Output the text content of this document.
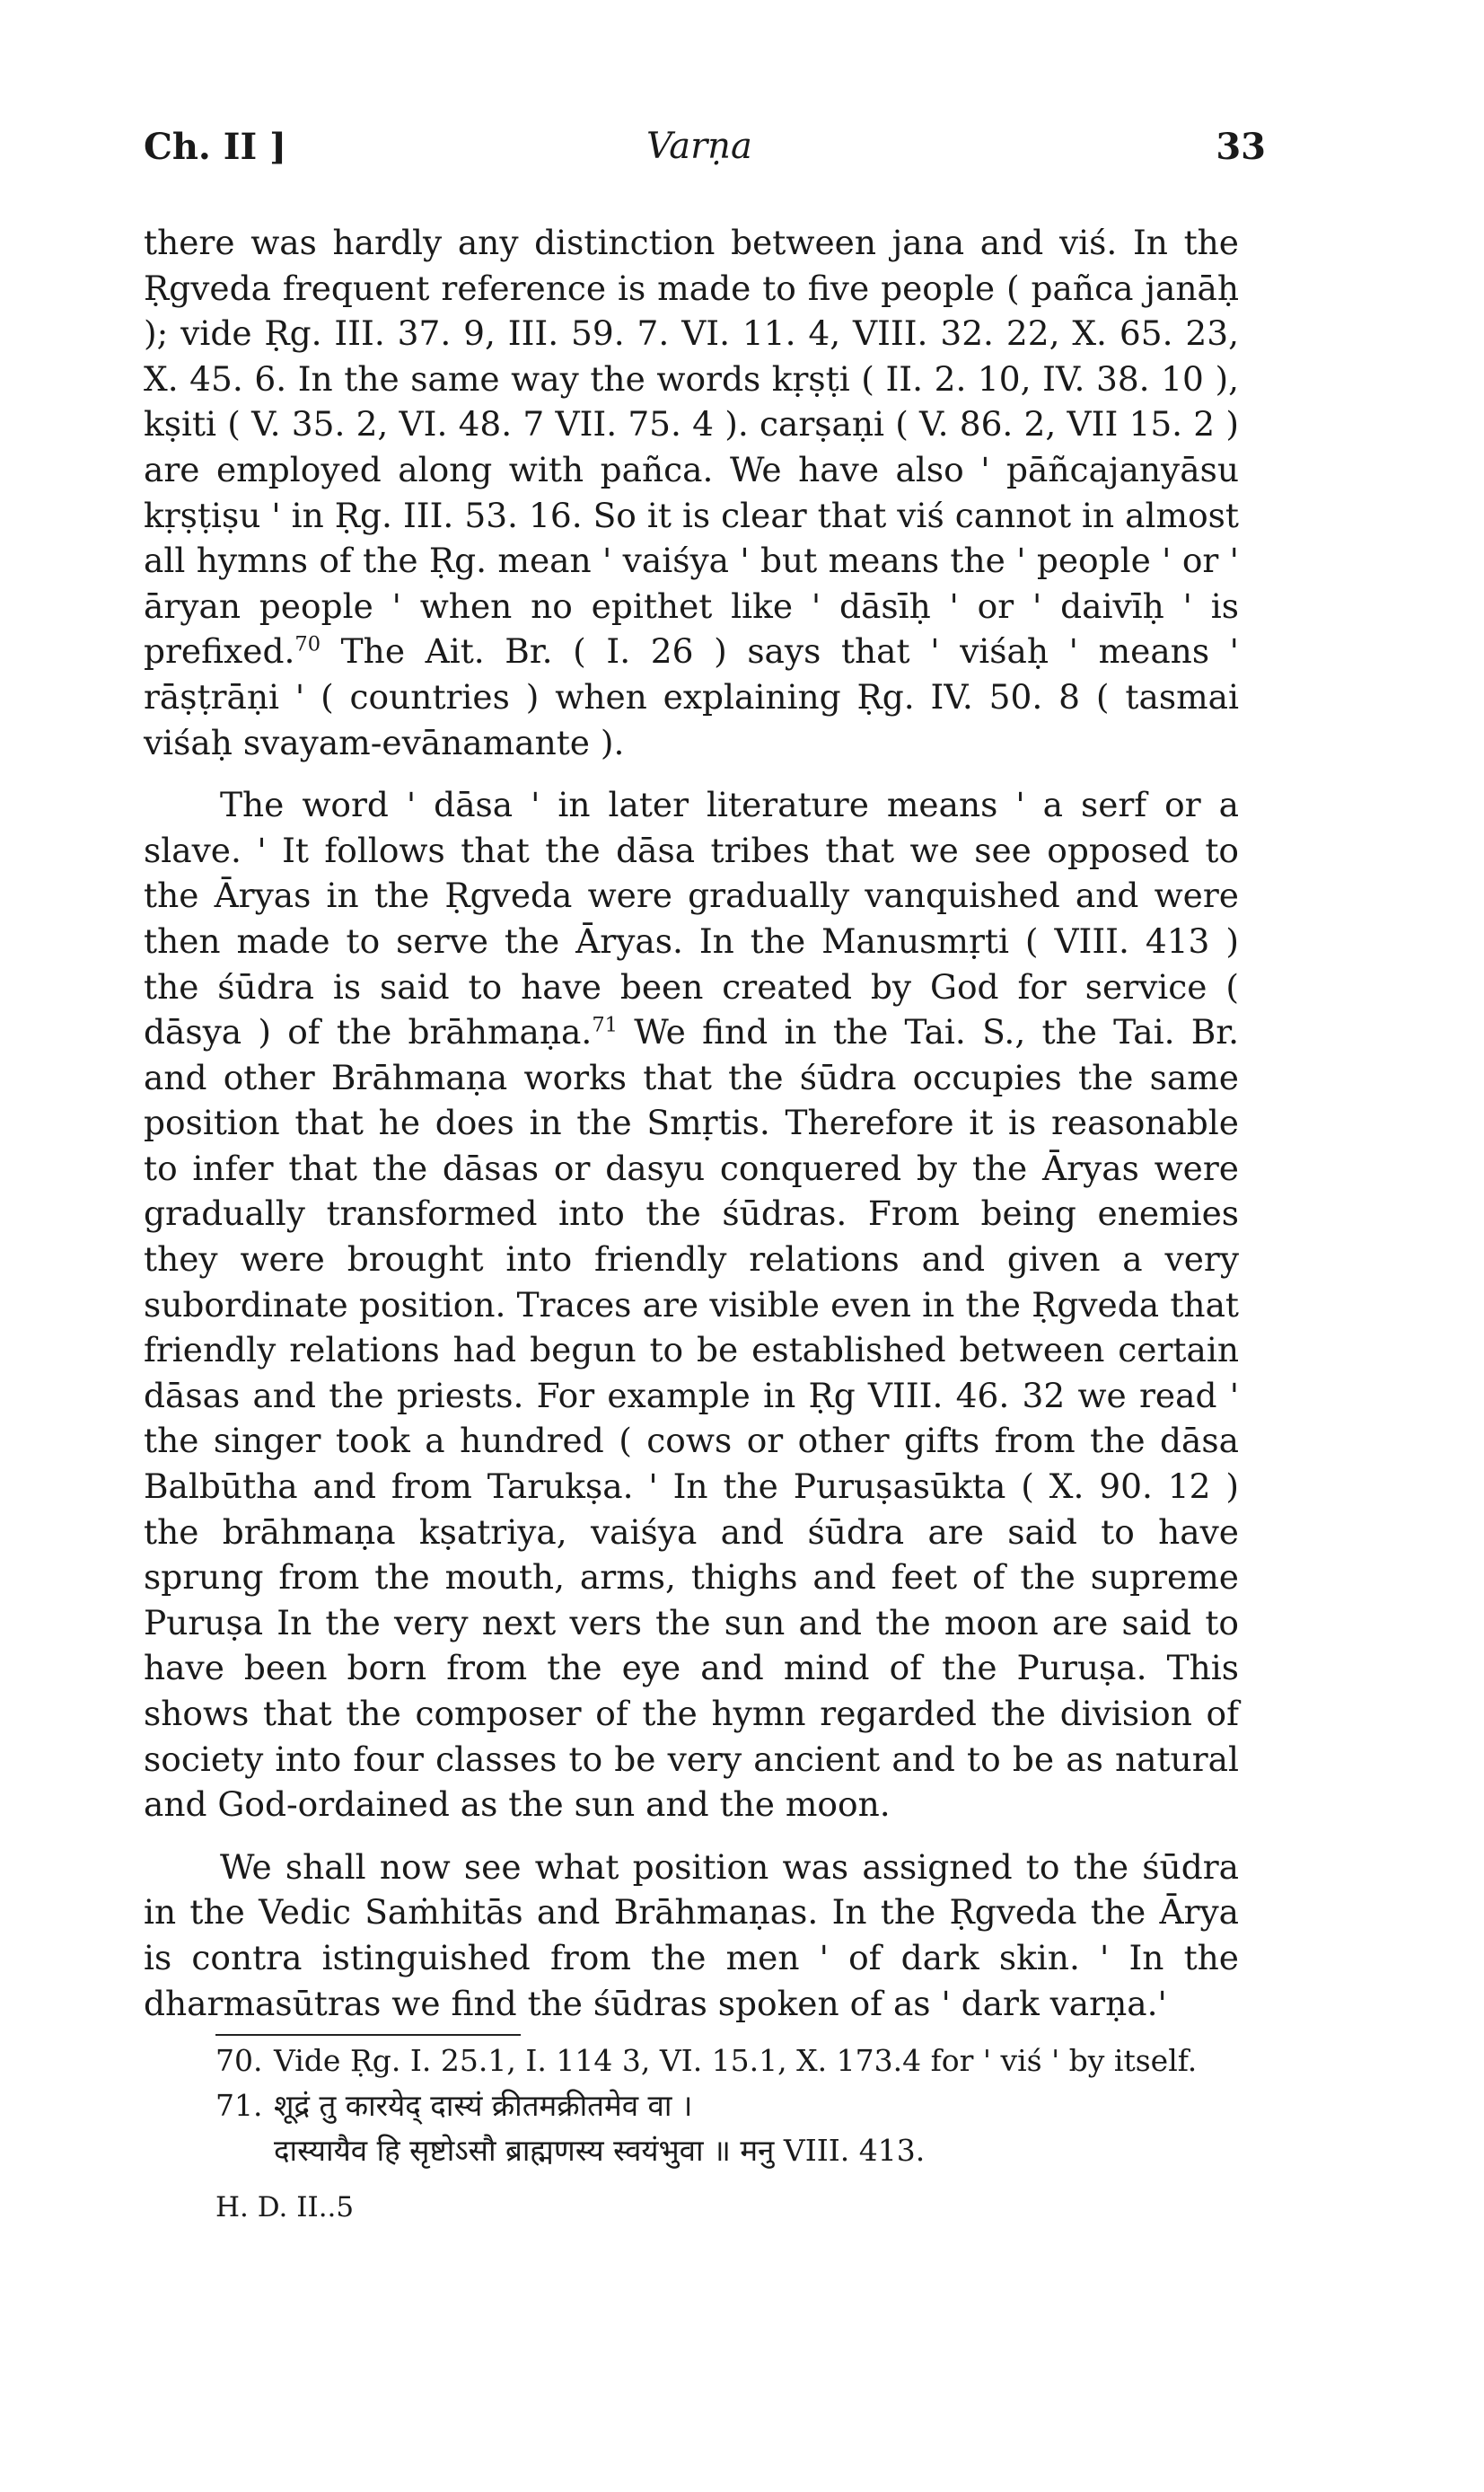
Ch. II ]	Varṇa	33

there was hardly any distinction between jana and viś. In the Ṛgveda frequent reference is made to five people ( pañca janāḥ ); vide Ṛg. III. 37. 9, III. 59. 7. VI. 11. 4, VIII. 32. 22, X. 65. 23, X. 45. 6. In the same way the words kṛṣṭi ( II. 2. 10, IV. 38. 10 ), kṣiti ( V. 35. 2, VI. 48. 7 VII. 75. 4 ). carṣaṇi ( V. 86. 2, VII 15. 2 ) are employed along with pañca. We have also ' pāñcajanyāsu kṛṣṭiṣu ' in Ṛg. III. 53. 16. So it is clear that viś cannot in almost all hymns of the Ṛg. mean ' vaiśya ' but means the ' people ' or ' āryan people ' when no epithet like ' dāsīḥ ' or ' daivīḥ ' is prefixed.$^{70}$ The Ait. Br. ( I. 26 ) says that ' viśaḥ ' means ' rāṣṭrāṇi ' ( countries ) when explaining Ṛg. IV. 50. 8 ( tasmai viśaḥ svayam-evānamante ).

The word ' dāsa ' in later literature means ' a serf or a slave. ' It follows that the dāsa tribes that we see opposed to the Āryas in the Ṛgveda were gradually vanquished and were then made to serve the Āryas. In the Manusmṛti ( VIII. 413 ) the śūdra is said to have been created by God for service ( dāsya ) of the brāhmaṇa.$^{71}$ We find in the Tai. S., the Tai. Br. and other Brāhmaṇa works that the śūdra occupies the same position that he does in the Smṛtis. Therefore it is reasonable to infer that the dāsas or dasyu conquered by the Āryas were gradually transformed into the śūdras. From being enemies they were brought into friendly relations and given a very subordinate position. Traces are visible even in the Ṛgveda that friendly relations had begun to be established between certain dāsas and the priests. For example in Ṛg VIII. 46. 32 we read ' the singer took a hundred ( cows or other gifts from the dāsa Balbūtha and from Tarukṣa. ' In the Puruṣasūkta ( X. 90. 12 ) the brāhmaṇa kṣatriya, vaiśya and śūdra are said to have sprung from the mouth, arms, thighs and feet of the supreme Puruṣa In the very next vers the sun and the moon are said to have been born from the eye and mind of the Puruṣa. This shows that the composer of the hymn regarded the division of society into four classes to be very ancient and to be as natural and God-ordained as the sun and the moon.

We shall now see what position was assigned to the śūdra in the Vedic Saṁhitās and Brāhmaṇas. In the Ṛgveda the Ārya is contra istinguished from the men ' of dark skin. ' In the dharmasūtras we find the śūdras spoken of as ' dark varṇa.'

70. Vide Ṛg. I. 25.1, I. 114 3, VI. 15.1, X. 173.4 for ' viś ' by itself.
71. शूद्रं तु कारयेद् दास्यं क्रीतमक्रीतमेव वा ।
दास्यायैव हि सृष्टोऽसौ ब्राह्मणस्य स्वयंभुवा ॥ मनु VIII. 413.
H. D. II..5
